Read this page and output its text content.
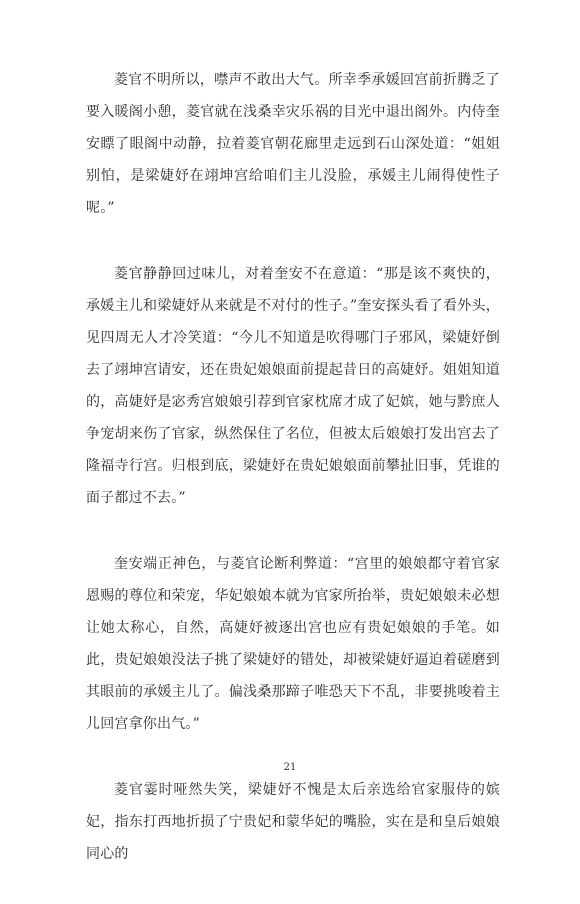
菱官不明所以，噤声不敢出大气。所幸季承媛回宫前折腾乏了要入暖阁小憩，菱官就在浅桑幸灾乐祸的目光中退出阁外。内侍奎安瞟了眼阁中动静，拉着菱官朝花廊里走远到石山深处道：“姐姐别怕，是梁婕妤在翊坤宫给咱们主儿没脸，承媛主儿闹得使性子呢。”

菱官静静回过味儿，对着奎安不在意道：“那是该不爽快的，承媛主儿和梁婕妤从来就是不对付的性子。”奎安探头看了看外头，见四周无人才冷笑道：“今儿不知道是吹得哪门子邪风，梁婕妤倒去了翊坤宫请安，还在贵妃娘娘面前提起昔日的高婕妤。姐姐知道的，高婕妤是宓秀宫娘娘引荐到官家枕席才成了妃嫔，她与黔庶人争宠胡来伤了官家，纵然保住了名位，但被太后娘娘打发出宫去了隆福寺行宫。归根到底，梁婕妤在贵妃娘娘面前攀扯旧事，凭谁的面子都过不去。”

奎安端正神色，与菱官论断利弊道：“宫里的娘娘都守着官家恩赐的尊位和荣宠，华妃娘娘本就为官家所抬举，贵妃娘娘未必想让她太称心，自然，高婕妤被逐出宫也应有贵妃娘娘的手笔。如此，贵妃娘娘没法子挑了梁婕妤的错处，却被梁婕妤逼迫着磋磨到其眼前的承媛主儿了。偏浅桑那蹄子唯恐天下不乱，非要挑唆着主儿回宫拿你出气。”

菱官霎时哑然失笑，梁婕妤不愧是太后亲选给官家服侍的嫔妃，指东打西地折损了宁贵妃和蒙华妃的嘴脸，实在是和皇后娘娘同心的

21
